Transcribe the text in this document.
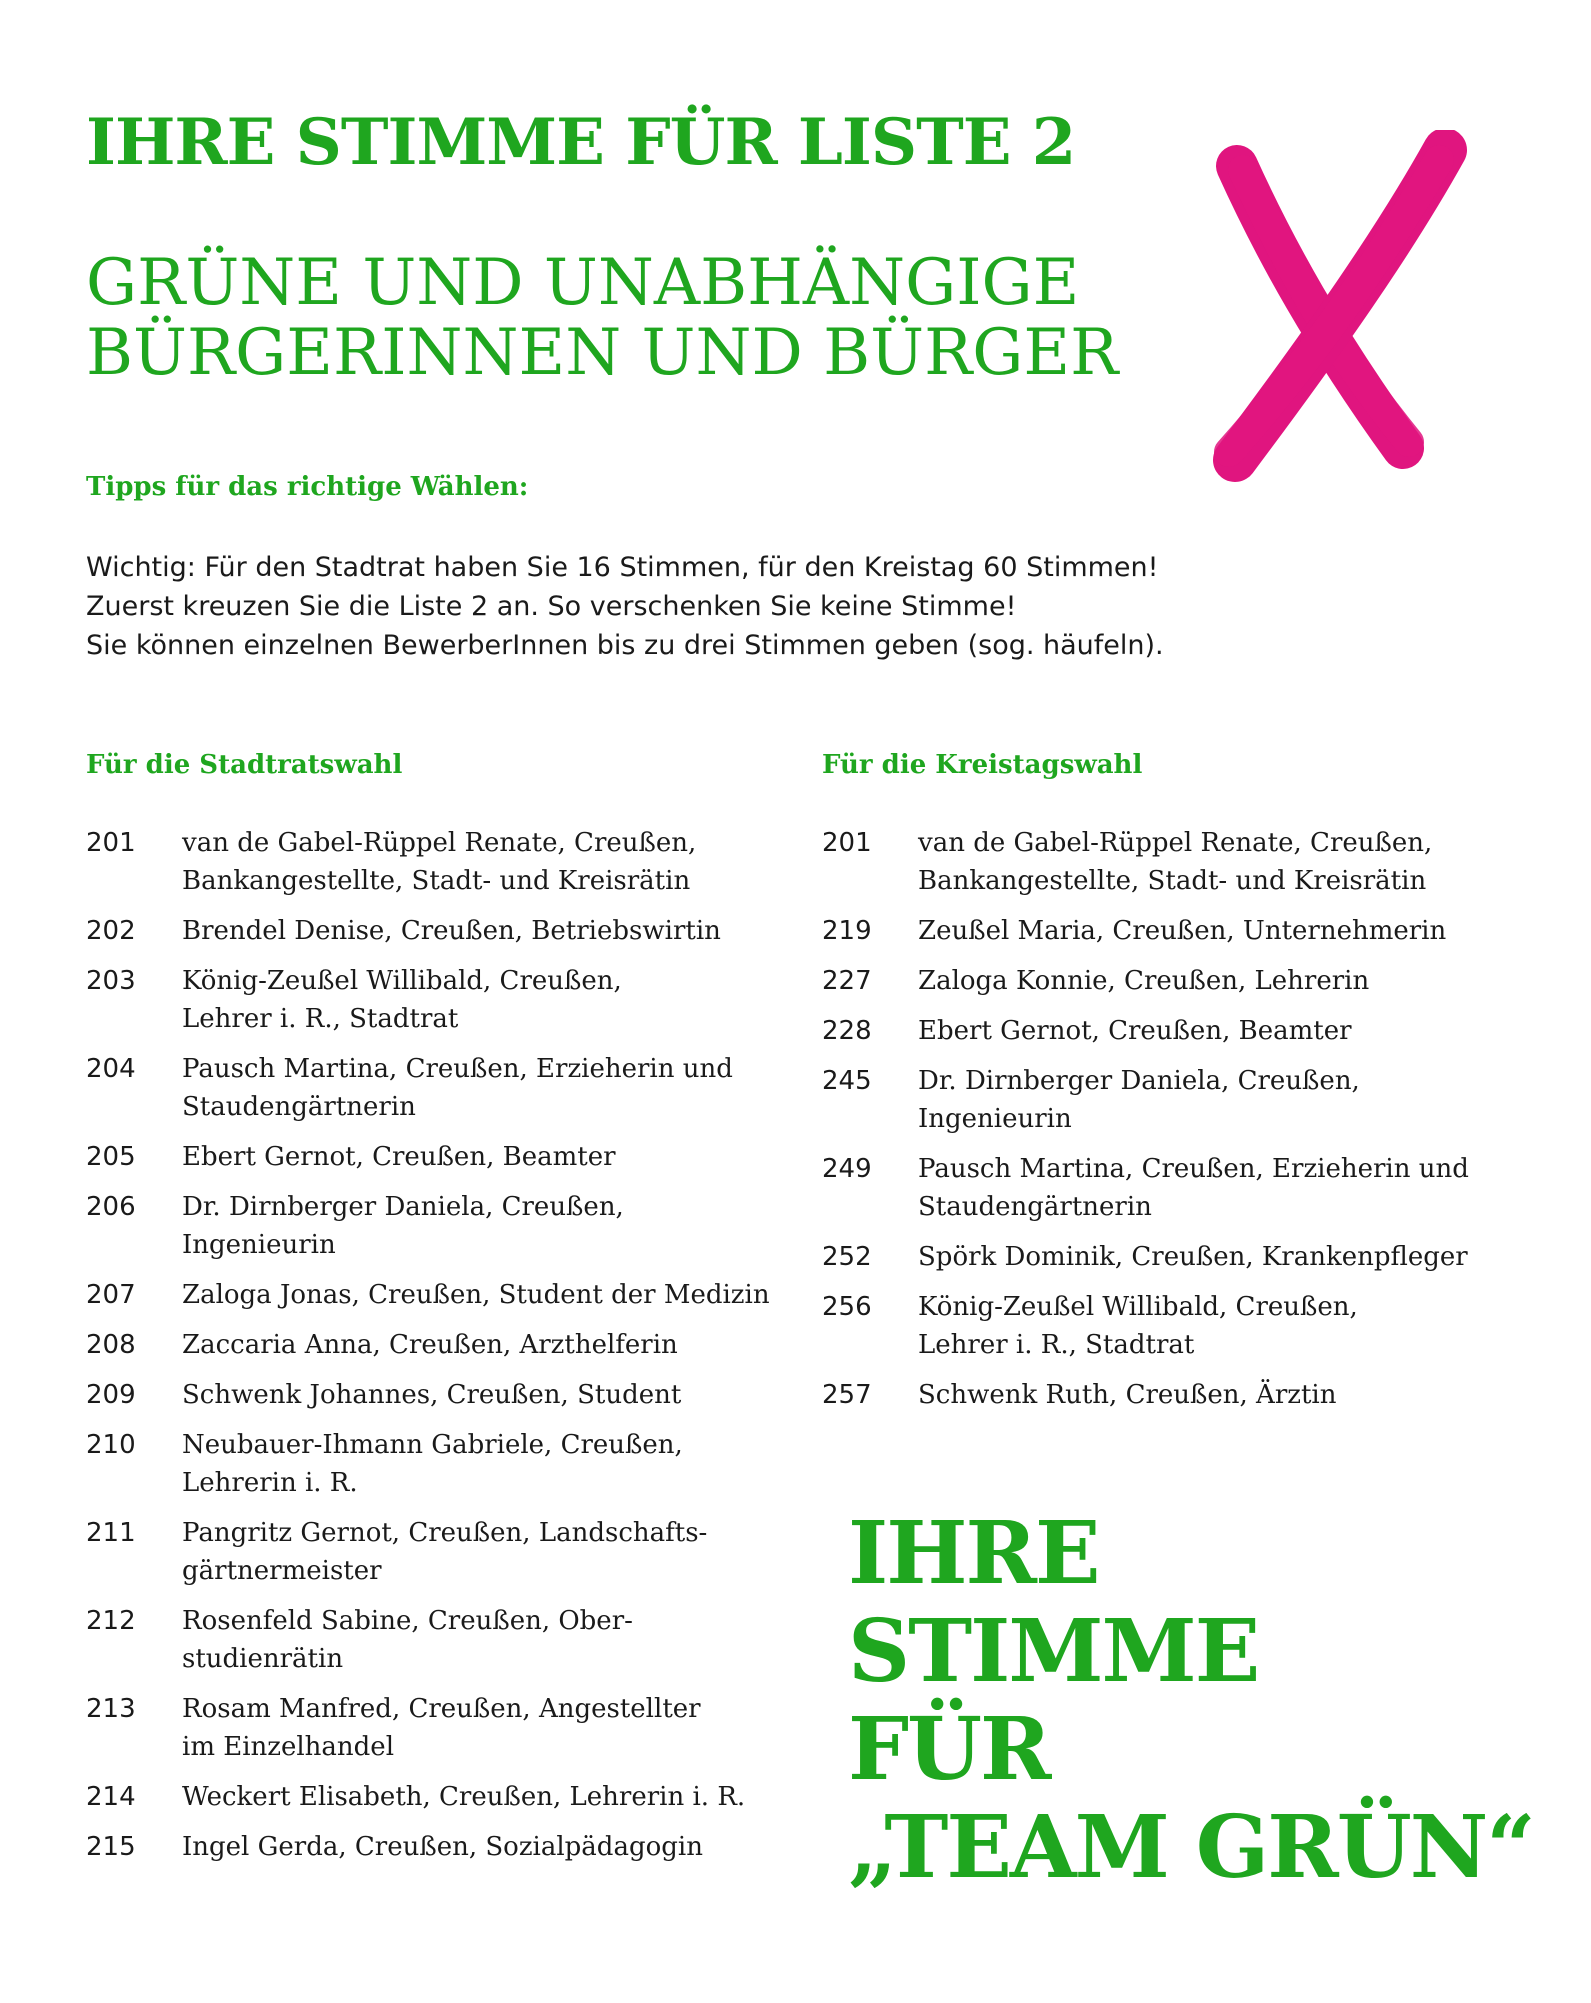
IHRE STIMME FÜR LISTE 2
GRÜNE UND UNABHÄNGIGE
BÜRGERINNEN UND BÜRGER
Tipps für das richtige Wählen:
Wichtig: Für den Stadtrat haben Sie 16 Stimmen, für den Kreistag 60 Stimmen!
Zuerst kreuzen Sie die Liste 2 an. So verschenken Sie keine Stimme!
Sie können einzelnen BewerberInnen bis zu drei Stimmen geben (sog. häufeln).
Für die Stadtratswahl
201	van de Gabel-Rüppel Renate, Creußen,
Bankangestellte, Stadt- und Kreisrätin
202	Brendel Denise, Creußen, Betriebswirtin
203	König-Zeußel Willibald, Creußen,
Lehrer i. R., Stadtrat
204	Pausch Martina, Creußen, Erzieherin und
Staudengärtnerin
205	Ebert Gernot, Creußen, Beamter
206	Dr. Dirnberger Daniela, Creußen,
Ingenieurin
207	Zaloga Jonas, Creußen, Student der Medizin
208	Zaccaria Anna, Creußen, Arzthelferin
209	Schwenk Johannes, Creußen, Student
210	Neubauer-Ihmann Gabriele, Creußen,
Lehrerin i. R.
211	Pangritz Gernot, Creußen, Landschafts-
gärtnermeister
212	Rosenfeld Sabine, Creußen, Ober-
studienrätin
213	Rosam Manfred, Creußen, Angestellter
im Einzelhandel
214	Weckert Elisabeth, Creußen, Lehrerin i. R.
215	Ingel Gerda, Creußen, Sozialpädagogin
Für die Kreistagswahl
201	van de Gabel-Rüppel Renate, Creußen,
Bankangestellte, Stadt- und Kreisrätin
219	Zeußel Maria, Creußen, Unternehmerin
227	Zaloga Konnie, Creußen, Lehrerin
228	Ebert Gernot, Creußen, Beamter
245	Dr. Dirnberger Daniela, Creußen,
Ingenieurin
249	Pausch Martina, Creußen, Erzieherin und
Staudengärtnerin
252	Spörk Dominik, Creußen, Krankenpfleger
256	König-Zeußel Willibald, Creußen,
Lehrer i. R., Stadtrat
257	Schwenk Ruth, Creußen, Ärztin
IHRE
STIMME
FÜR
„TEAM GRÜN“
